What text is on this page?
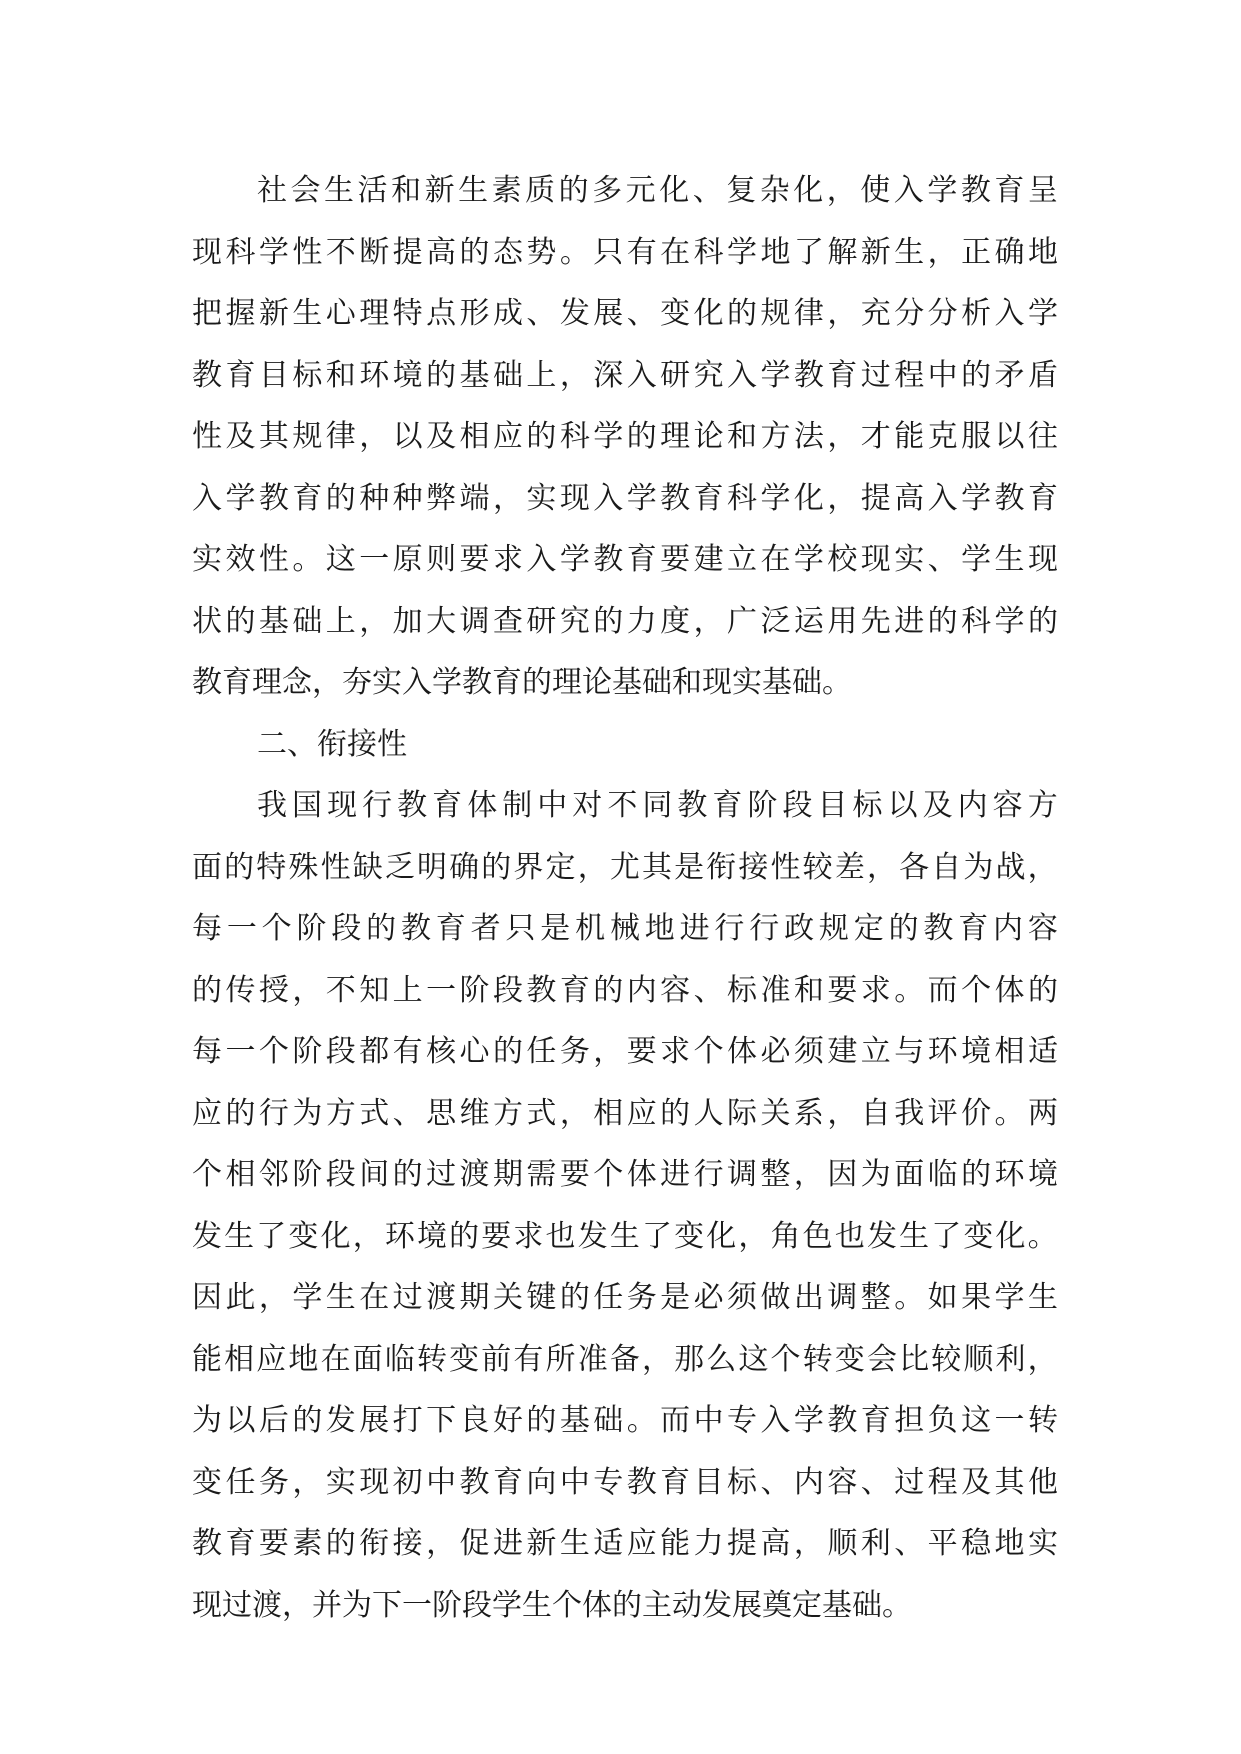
社 会 生 活 和 新 生 素 质 的 多 元 化 、 复 杂 化 ， 使 入 学 教 育 呈
现 科 学 性 不 断 提 高 的 态 势 。 只 有 在 科 学 地 了 解 新 生 ， 正 确 地
把 握 新 生 心 理 特 点 形 成 、 发 展 、 变 化 的 规 律 ， 充 分 分 析 入 学
教 育 目 标 和 环 境 的 基 础 上 ， 深 入 研 究 入 学 教 育 过 程 中 的 矛 盾
性 及 其 规 律 ， 以 及 相 应 的 科 学 的 理 论 和 方 法 ， 才 能 克 服 以 往
入 学 教 育 的 种 种 弊 端 ， 实 现 入 学 教 育 科 学 化 ， 提 高 入 学 教 育
实 效 性 。 这 一 原 则 要 求 入 学 教 育 要 建 立 在 学 校 现 实 、 学 生 现
状 的 基 础 上 ， 加 大 调 查 研 究 的 力 度 ， 广 泛 运 用 先 进 的 科 学 的
教育理念，夯实入学教育的理论基础和现实基础。
二、衔接性
我 国 现 行 教 育 体 制 中 对 不 同 教 育 阶 段 目 标 以 及 内 容 方
面 的 特 殊 性 缺 乏 明 确 的 界 定 ， 尤 其 是 衔 接 性 较 差 ， 各 自 为 战 ，
每 一 个 阶 段 的 教 育 者 只 是 机 械 地 进 行 行 政 规 定 的 教 育 内 容
的 传 授 ， 不 知 上 一 阶 段 教 育 的 内 容 、 标 准 和 要 求 。 而 个 体 的
每 一 个 阶 段 都 有 核 心 的 任 务 ， 要 求 个 体 必 须 建 立 与 环 境 相 适
应 的 行 为 方 式 、 思 维 方 式 ， 相 应 的 人 际 关 系 ， 自 我 评 价 。 两
个 相 邻 阶 段 间 的 过 渡 期 需 要 个 体 进 行 调 整 ， 因 为 面 临 的 环 境
发 生 了 变 化 ， 环 境 的 要 求 也 发 生 了 变 化 ， 角 色 也 发 生 了 变 化 。
因 此 ， 学 生 在 过 渡 期 关 键 的 任 务 是 必 须 做 出 调 整 。 如 果 学 生
能 相 应 地 在 面 临 转 变 前 有 所 准 备 ， 那 么 这 个 转 变 会 比 较 顺 利 ，
为 以 后 的 发 展 打 下 良 好 的 基 础 。 而 中 专 入 学 教 育 担 负 这 一 转
变 任 务 ， 实 现 初 中 教 育 向 中 专 教 育 目 标 、 内 容 、 过 程 及 其 他
教 育 要 素 的 衔 接 ， 促 进 新 生 适 应 能 力 提 高 ， 顺 利 、 平 稳 地 实
现过渡，并为下一阶段学生个体的主动发展奠定基础。
